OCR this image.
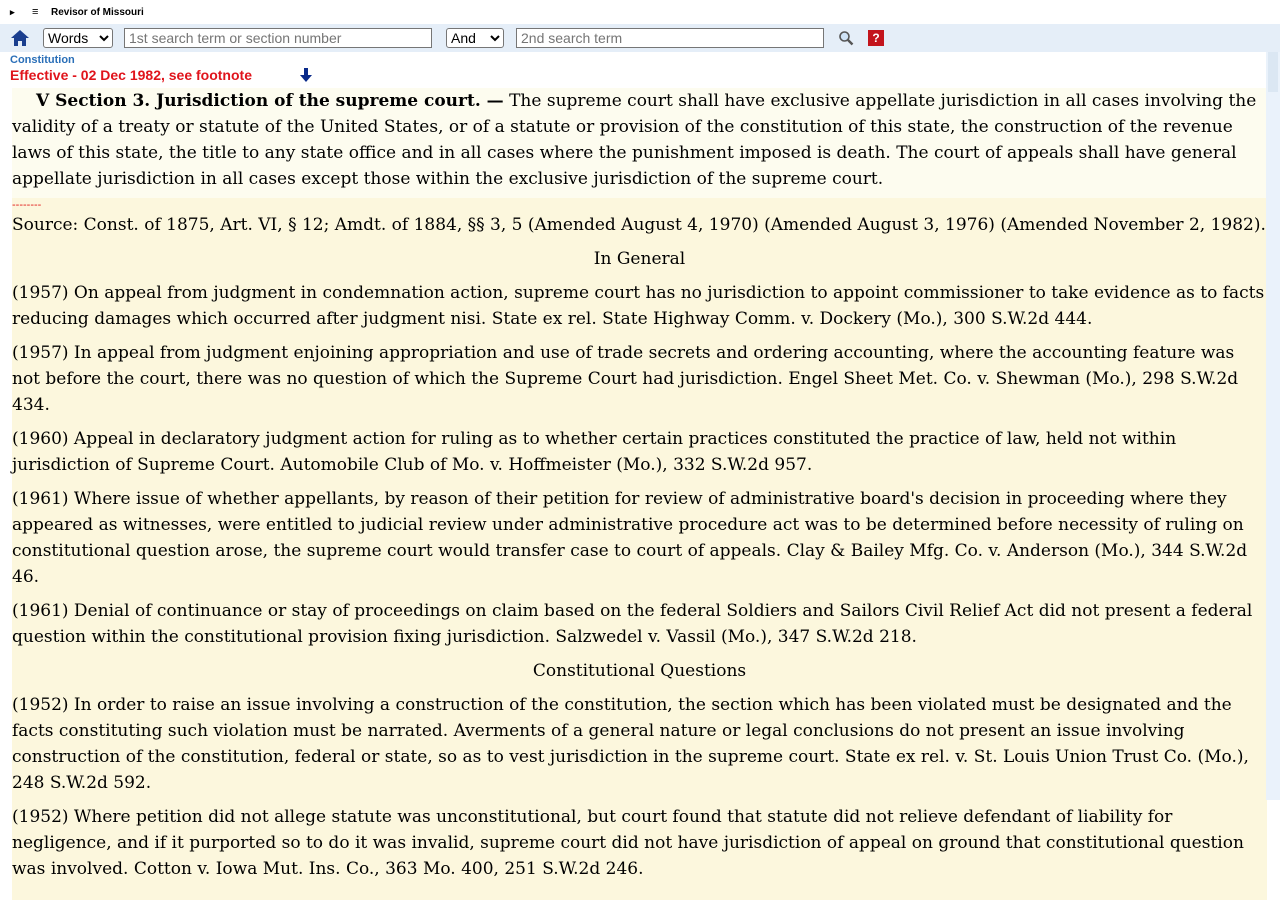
▸	≡	Revisor of Missouri
Words
1st search term or section number
And
2nd search term
?
Constitution
Effective - 02 Dec 1982, see footnote
V Section 3. Jurisdiction of the supreme court. — The supreme court shall have exclusive appellate jurisdiction in all cases involving the validity of a treaty or statute of the United States, or of a statute or provision of the constitution of this state, the construction of the revenue laws of this state, the title to any state office and in all cases where the punishment imposed is death. The court of appeals shall have general appellate jurisdiction in all cases except those within the exclusive jurisdiction of the supreme court.
--------

Source: Const. of 1875, Art. VI, § 12; Amdt. of 1884, §§ 3, 5 (Amended August 4, 1970) (Amended August 3, 1976) (Amended November 2, 1982).

In General

(1957) On appeal from judgment in condemnation action, supreme court has no jurisdiction to appoint commissioner to take evidence as to facts reducing damages which occurred after judgment nisi. State ex rel. State Highway Comm. v. Dockery (Mo.), 300 S.W.2d 444.

(1957) In appeal from judgment enjoining appropriation and use of trade secrets and ordering accounting, where the accounting feature was not before the court, there was no question of which the Supreme Court had jurisdiction. Engel Sheet Met. Co. v. Shewman (Mo.), 298 S.W.2d 434.

(1960) Appeal in declaratory judgment action for ruling as to whether certain practices constituted the practice of law, held not within jurisdiction of Supreme Court. Automobile Club of Mo. v. Hoffmeister (Mo.), 332 S.W.2d 957.

(1961) Where issue of whether appellants, by reason of their petition for review of administrative board's decision in proceeding where they appeared as witnesses, were entitled to judicial review under administrative procedure act was to be determined before necessity of ruling on constitutional question arose, the supreme court would transfer case to court of appeals. Clay & Bailey Mfg. Co. v. Anderson (Mo.), 344 S.W.2d 46.

(1961) Denial of continuance or stay of proceedings on claim based on the federal Soldiers and Sailors Civil Relief Act did not present a federal question within the constitutional provision fixing jurisdiction. Salzwedel v. Vassil (Mo.), 347 S.W.2d 218.

Constitutional Questions

(1952) In order to raise an issue involving a construction of the constitution, the section which has been violated must be designated and the facts constituting such violation must be narrated. Averments of a general nature or legal conclusions do not present an issue involving construction of the constitution, federal or state, so as to vest jurisdiction in the supreme court. State ex rel. v. St. Louis Union Trust Co. (Mo.), 248 S.W.2d 592.

(1952) Where petition did not allege statute was unconstitutional, but court found that statute did not relieve defendant of liability for negligence, and if it purported so to do it was invalid, supreme court did not have jurisdiction of appeal on ground that constitutional question was involved. Cotton v. Iowa Mut. Ins. Co., 363 Mo. 400, 251 S.W.2d 246.
